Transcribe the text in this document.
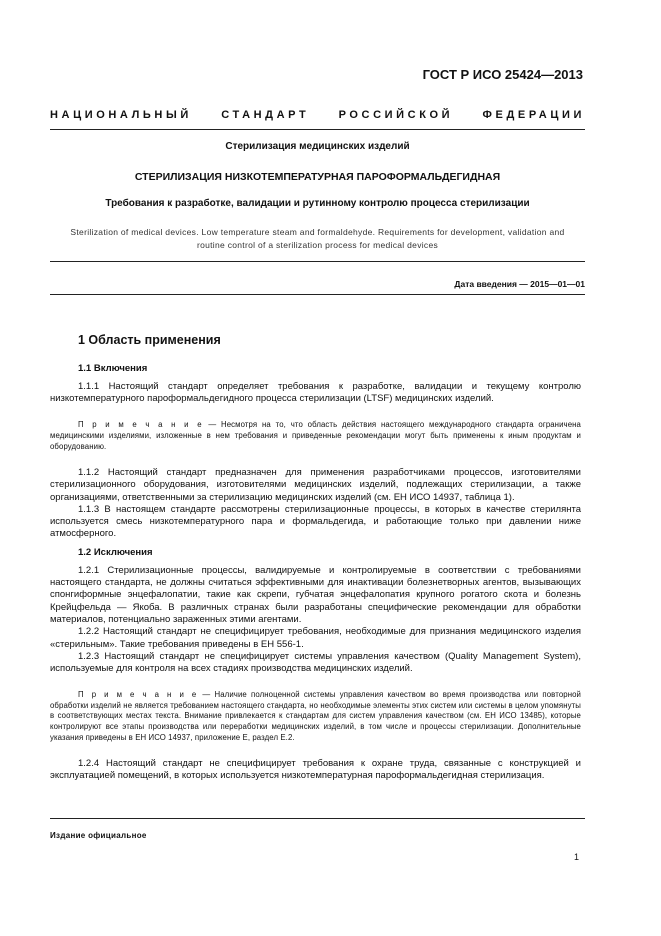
ГОСТ Р ИСО 25424—2013
НАЦИОНАЛЬНЫЙ СТАНДАРТ РОССИЙСКОЙ ФЕДЕРАЦИИ
Стерилизация медицинских изделий
СТЕРИЛИЗАЦИЯ НИЗКОТЕМПЕРАТУРНАЯ ПАРОФОРМАЛЬДЕГИДНАЯ
Требования к разработке, валидации и рутинному контролю процесса стерилизации
Sterilization of medical devices. Low temperature steam and formaldehyde. Requirements for development, validation and routine control of a sterilization process for medical devices
Дата введения — 2015—01—01
1 Область применения
1.1 Включения

1.1.1 Настоящий стандарт определяет требования к разработке, валидации и текущему контролю низкотемпературного пароформальдегидного процесса стерилизации (LTSF) медицинских изделий.

П р и м е ч а н и е — Несмотря на то, что область действия настоящего международного стандарта ограничена медицинскими изделиями, изложенные в нем требования и приведенные рекомендации могут быть применены к иным продуктам и оборудованию.

1.1.2 Настоящий стандарт предназначен для применения разработчиками процессов, изготовителями стерилизационного оборудования, изготовителями медицинских изделий, подлежащих стерилизации, а также организациями, ответственными за стерилизацию медицинских изделий (см. ЕН ИСО 14937, таблица 1).

1.1.3 В настоящем стандарте рассмотрены стерилизационные процессы, в которых в качестве стерилянта используется смесь низкотемпературного пара и формальдегида, и работающие только при давлении ниже атмосферного.

1.2 Исключения

1.2.1 Стерилизационные процессы, валидируемые и контролируемые в соответствии с требованиями настоящего стандарта, не должны считаться эффективными для инактивации болезнетворных агентов, вызывающих спонгиформные энцефалопатии, такие как скрепи, губчатая энцефалопатия крупного рогатого скота и болезнь Крейцфельда — Якоба. В различных странах были разработаны специфические рекомендации для обработки материалов, потенциально зараженных этими агентами.

1.2.2 Настоящий стандарт не специфицирует требования, необходимые для признания медицинского изделия «стерильным». Такие требования приведены в ЕН 556-1.

1.2.3 Настоящий стандарт не специфицирует системы управления качеством (Quality Management System), используемые для контроля на всех стадиях производства медицинских изделий.

П р и м е ч а н и е — Наличие полноценной системы управления качеством во время производства или повторной обработки изделий не является требованием настоящего стандарта, но необходимые элементы этих систем или системы в целом упомянуты в соответствующих местах текста. Внимание привлекается к стандартам для систем управления качеством (см. ЕН ИСО 13485), которые контролируют все этапы производства или переработки медицинских изделий, в том числе и процессы стерилизации. Дополнительные указания приведены в ЕН ИСО 14937, приложение Е, раздел Е.2.

1.2.4 Настоящий стандарт не специфицирует требования к охране труда, связанные с конструкцией и эксплуатацией помещений, в которых используется низкотемпературная пароформальдегидная стерилизация.

Издание официальное
1
